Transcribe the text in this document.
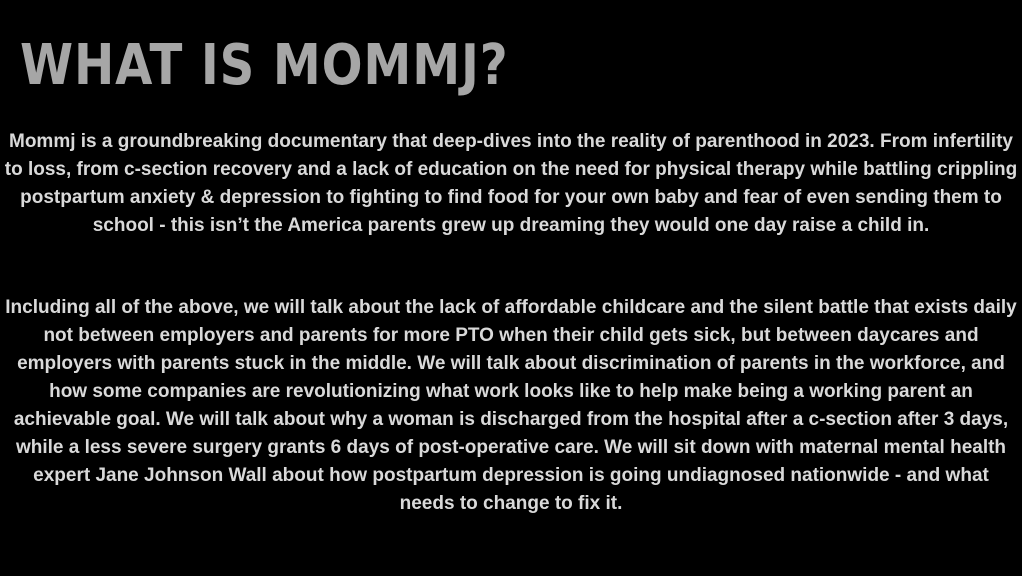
WHAT IS MOMMJ?

Mommj is a groundbreaking documentary that deep-dives into the reality of parenthood in 2023. From infertility to loss, from c-section recovery and a lack of education on the need for physical therapy while battling crippling postpartum anxiety & depression to fighting to find food for your own baby and fear of even sending them to school - this isn’t the America parents grew up dreaming they would one day raise a child in.

Including all of the above, we will talk about the lack of affordable childcare and the silent battle that exists daily not between employers and parents for more PTO when their child gets sick, but between daycares and employers with parents stuck in the middle. We will talk about discrimination of parents in the workforce, and how some companies are revolutionizing what work looks like to help make being a working parent an achievable goal. We will talk about why a woman is discharged from the hospital after a c-section after 3 days, while a less severe surgery grants 6 days of post-operative care. We will sit down with maternal mental health expert Jane Johnson Wall about how postpartum depression is going undiagnosed nationwide - and what needs to change to fix it.
